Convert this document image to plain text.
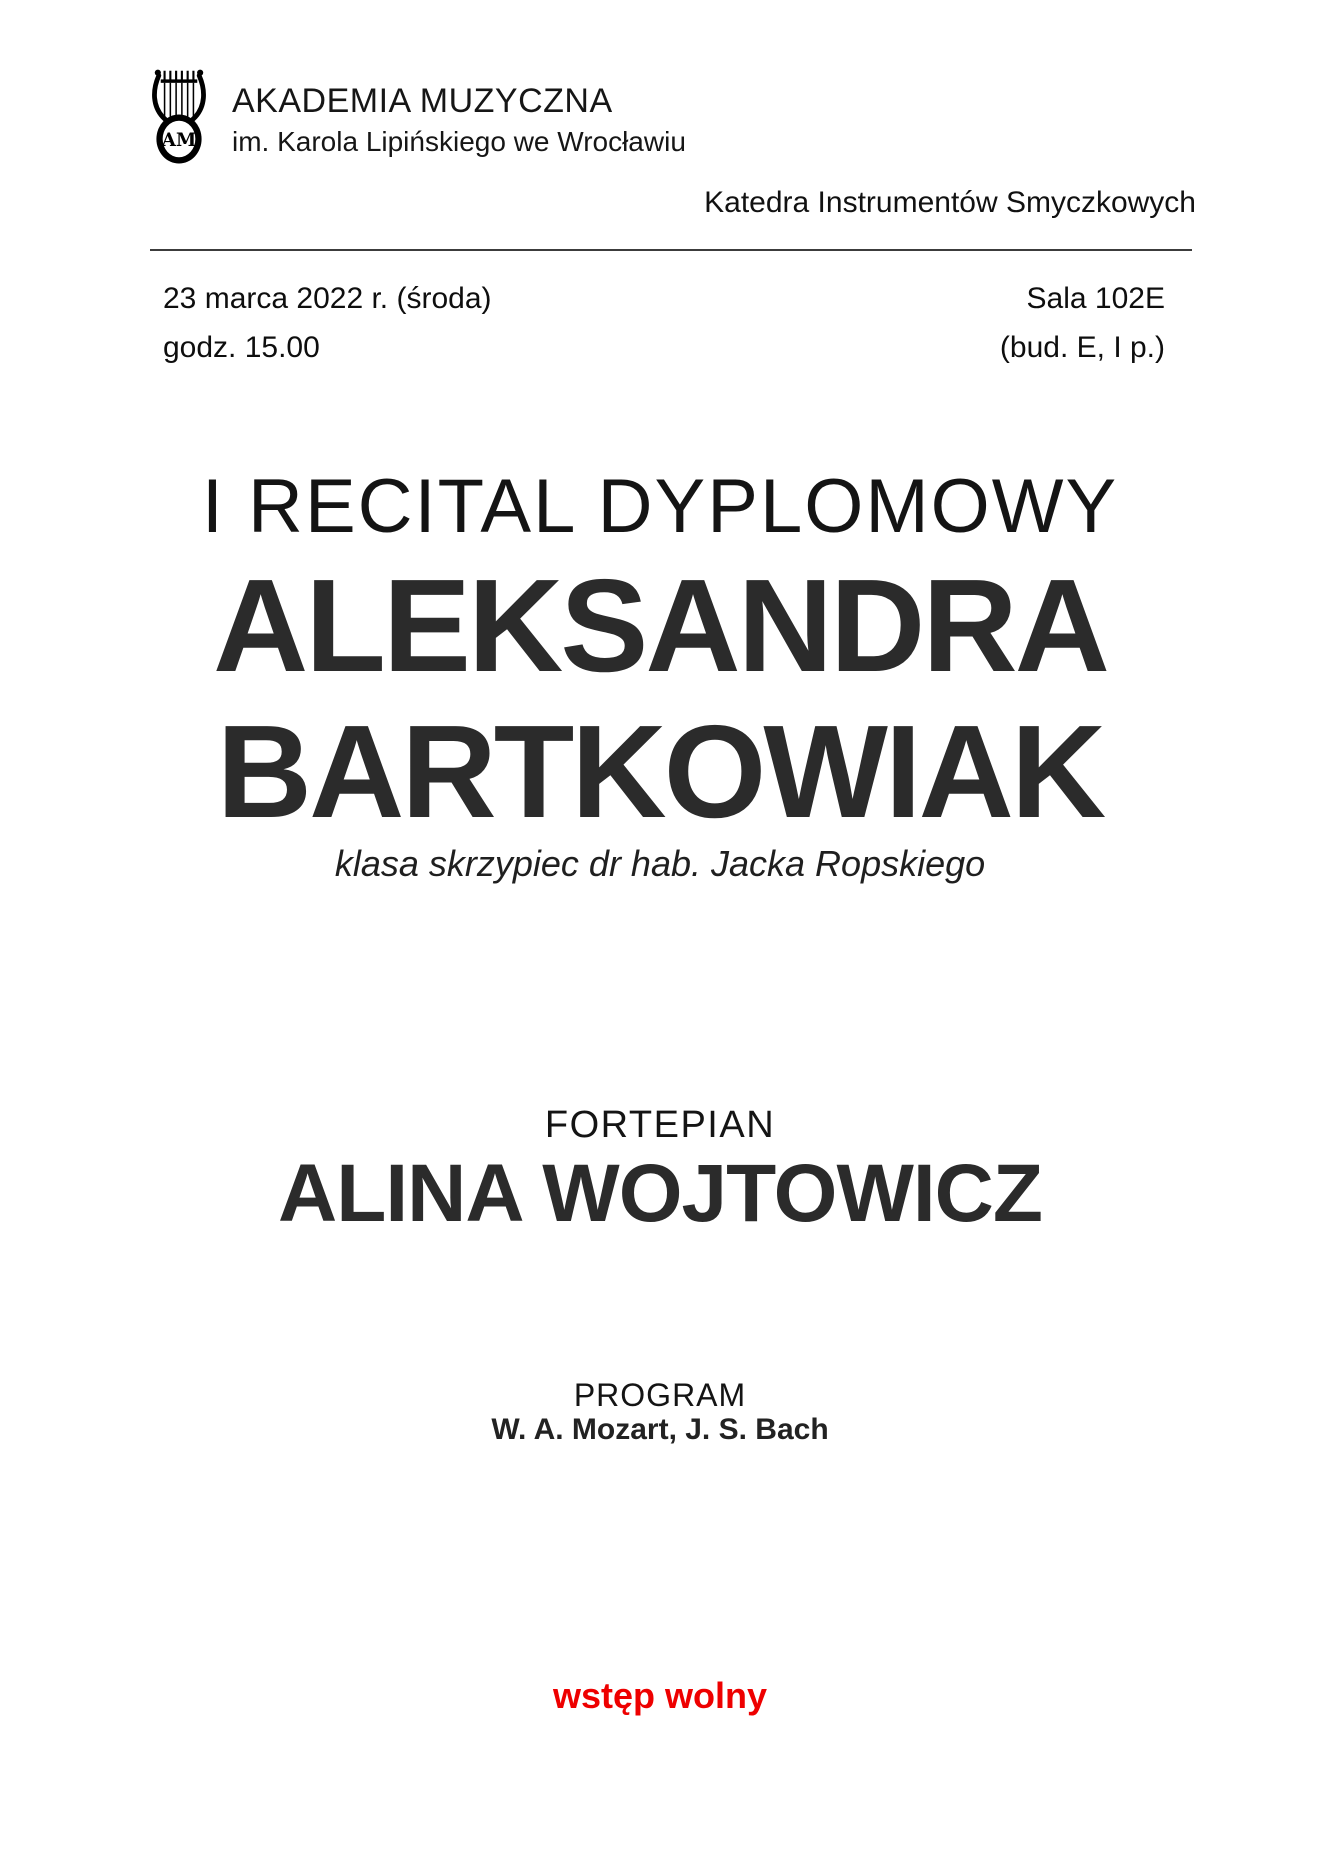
AM
AKADEMIA MUZYCZNA
im. Karola Lipińskiego we Wrocławiu
Katedra Instrumentów Smyczkowych
23 marca 2022 r. (środa)
godz. 15.00
Sala 102E
(bud. E, I p.)
I RECITAL DYPLOMOWY
ALEKSANDRA
BARTKOWIAK
klasa skrzypiec dr hab. Jacka Ropskiego
FORTEPIAN
ALINA WOJTOWICZ
PROGRAM
W. A. Mozart, J. S. Bach
wstęp wolny
